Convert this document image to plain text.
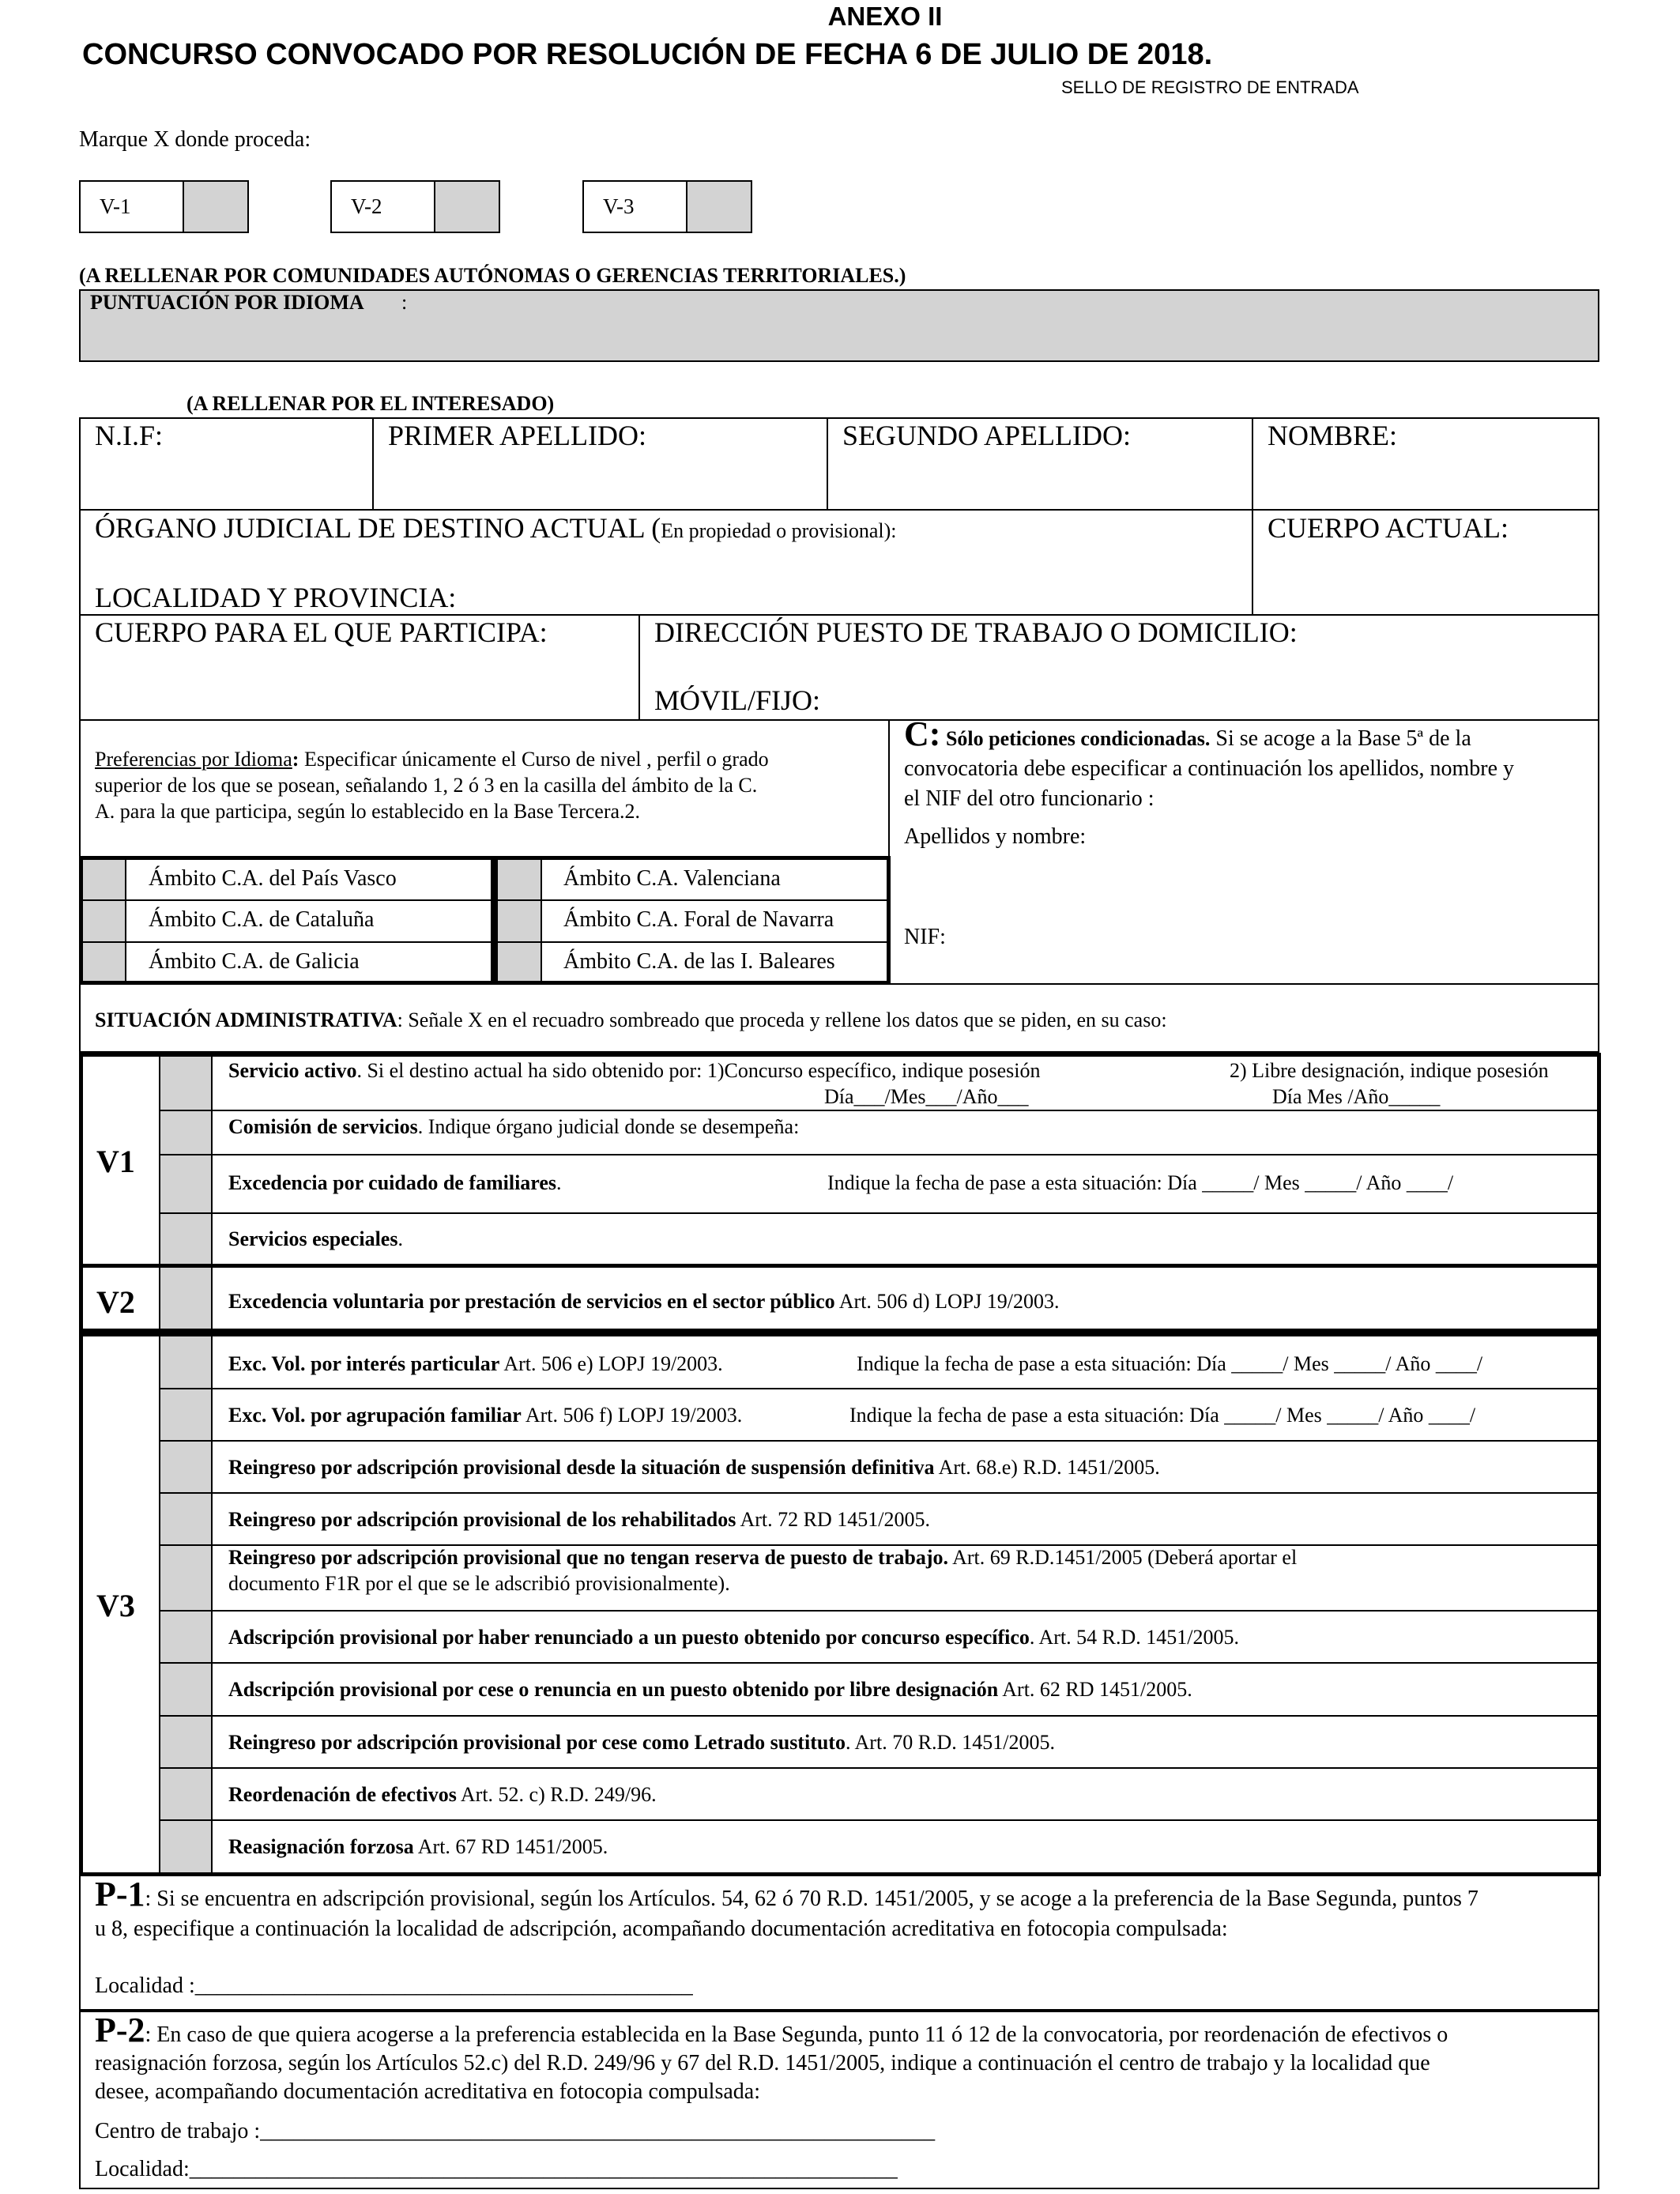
ANEXO II
CONCURSO CONVOCADO POR RESOLUCIÓN DE FECHA 6 DE JULIO DE 2018.
SELLO DE REGISTRO DE ENTRADA
Marque X donde proceda:
V-1	V-2	V-3
(A RELLENAR POR COMUNIDADES AUTÓNOMAS O GERENCIAS TERRITORIALES.)
PUNTUACIÓN POR IDIOMA :
(A RELLENAR POR EL INTERESADO)
N.I.F:	PRIMER APELLIDO:	SEGUNDO APELLIDO:	NOMBRE:
ÓRGANO JUDICIAL DE DESTINO ACTUAL (En propiedad o provisional):	CUERPO ACTUAL:
LOCALIDAD Y PROVINCIA:
CUERPO PARA EL QUE PARTICIPA:	DIRECCIÓN PUESTO DE TRABAJO O DOMICILIO:
MÓVIL/FIJO:
Preferencias por Idioma: Especificar únicamente el Curso de nivel , perfil o grado
superior de los que se posean, señalando 1, 2 ó 3 en la casilla del ámbito de la C.
A. para la que participa, según lo establecido en la Base Tercera.2.
Ámbito C.A. del País Vasco
Ámbito C.A. de Cataluña
Ámbito C.A. de Galicia
Ámbito C.A. Valenciana
Ámbito C.A. Foral de Navarra
Ámbito C.A. de las I. Baleares
C: Sólo peticiones condicionadas. Si se acoge a la Base 5ª de la
convocatoria debe especificar a continuación los apellidos, nombre y
el NIF del otro funcionario :
Apellidos y nombre:
NIF:
SITUACIÓN ADMINISTRATIVA: Señale X en el recuadro sombreado que proceda y rellene los datos que se piden, en su caso:
V1
Servicio activo. Si el destino actual ha sido obtenido por: 1)Concurso específico, indique posesión	2) Libre designación, indique posesión
Día___/Mes___/Año___	Día Mes /Año_____
Comisión de servicios. Indique órgano judicial donde se desempeña:
Excedencia por cuidado de familiares.	Indique la fecha de pase a esta situación: Día _____/ Mes _____/ Año ____/
Servicios especiales.
V2	Excedencia voluntaria por prestación de servicios en el sector público Art. 506 d) LOPJ 19/2003.
V3
Exc. Vol. por interés particular Art. 506 e) LOPJ 19/2003.	Indique la fecha de pase a esta situación: Día _____/ Mes _____/ Año ____/
Exc. Vol. por agrupación familiar Art. 506 f) LOPJ 19/2003.	Indique la fecha de pase a esta situación: Día _____/ Mes _____/ Año ____/
Reingreso por adscripción provisional desde la situación de suspensión definitiva Art. 68.e) R.D. 1451/2005.
Reingreso por adscripción provisional de los rehabilitados Art. 72 RD 1451/2005.
Reingreso por adscripción provisional que no tengan reserva de puesto de trabajo. Art. 69 R.D.1451/2005 (Deberá aportar el
documento F1R por el que se le adscribió provisionalmente).
Adscripción provisional por haber renunciado a un puesto obtenido por concurso específico. Art. 54 R.D. 1451/2005.
Adscripción provisional por cese o renuncia en un puesto obtenido por libre designación Art. 62 RD 1451/2005.
Reingreso por adscripción provisional por cese como Letrado sustituto. Art. 70 R.D. 1451/2005.
Reordenación de efectivos Art. 52. c) R.D. 249/96.
Reasignación forzosa Art. 67 RD 1451/2005.
P-1: Si se encuentra en adscripción provisional, según los Artículos. 54, 62 ó 70 R.D. 1451/2005, y se acoge a la preferencia de la Base Segunda, puntos 7
u 8, especifique a continuación la localidad de adscripción, acompañando documentación acreditativa en fotocopia compulsada:
Localidad :_____________________________________________
P-2: En caso de que quiera acogerse a la preferencia establecida en la Base Segunda, punto 11 ó 12 de la convocatoria, por reordenación de efectivos o
reasignación forzosa, según los Artículos 52.c) del R.D. 249/96 y 67 del R.D. 1451/2005, indique a continuación el centro de trabajo y la localidad que
desee, acompañando documentación acreditativa en fotocopia compulsada:
Centro de trabajo :_____________________________________________________________
Localidad:________________________________________________________________
